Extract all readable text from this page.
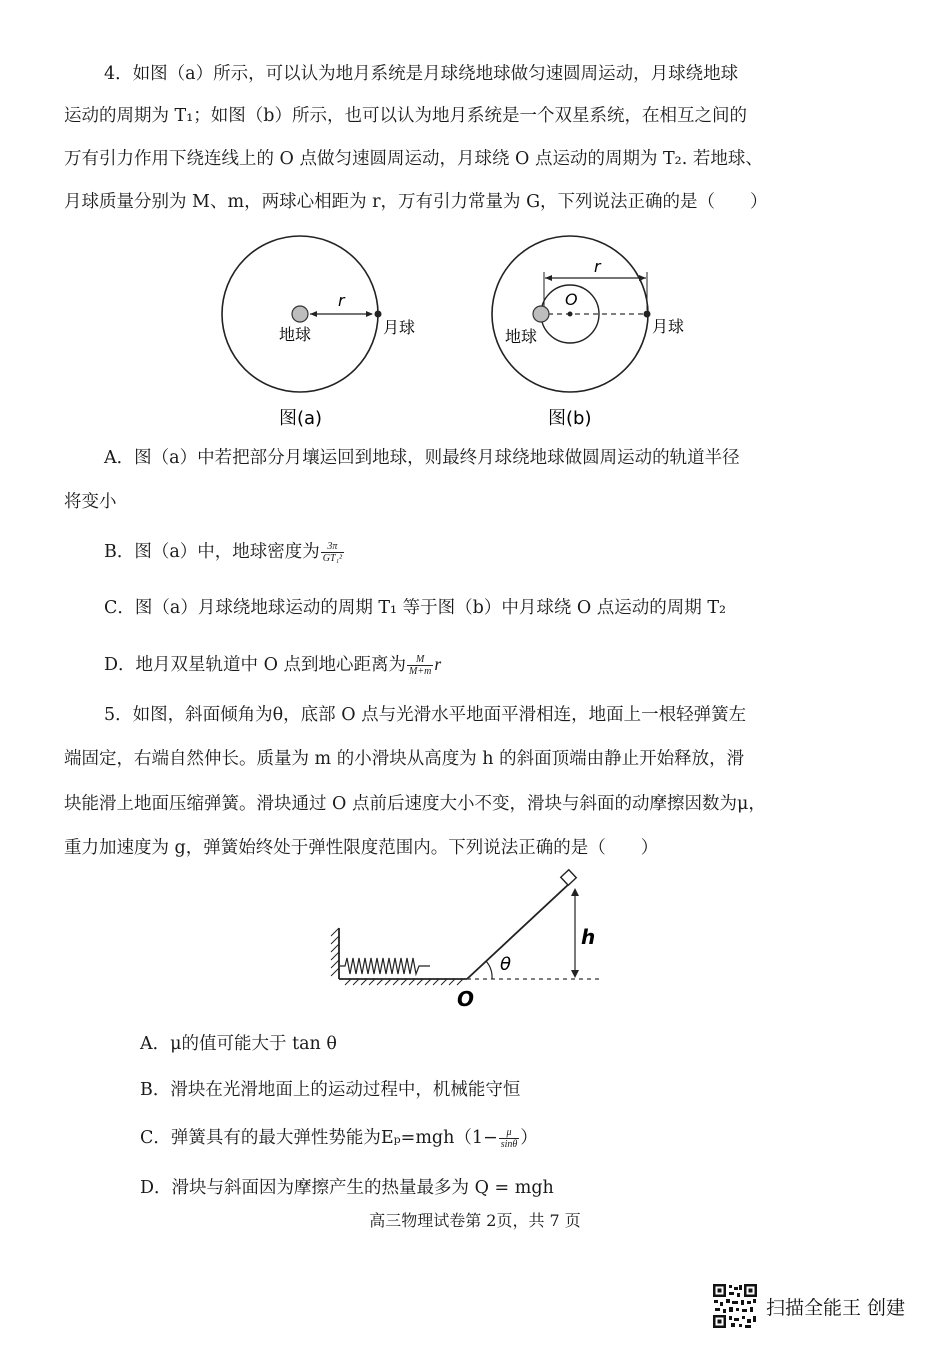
4．如图（a）所示，可以认为地月系统是月球绕地球做匀速圆周运动，月球绕地球
运动的周期为 T₁；如图（b）所示，也可以认为地月系统是一个双星系统，在相互之间的
万有引力作用下绕连线上的 O 点做匀速圆周运动，月球绕 O 点运动的周期为 T₂. 若地球、
月球质量分别为 M、m，两球心相距为 r，万有引力常量为 G，下列说法正确的是（　　）
r
地球	月球
图(a)
r
O
地球
月球
图(b)
A．图（a）中若把部分月壤运回到地球，则最终月球绕地球做圆周运动的轨道半径
将变小
B．图（a）中，地球密度为 $\frac{3\pi}{\text{GT₁²}}$
C．图（a）月球绕地球运动的周期 T₁ 等于图（b）中月球绕 O 点运动的周期 T₂
D．地月双星轨道中 O 点到地心距离为 $\frac{M}{M+m}$ r
5．如图，斜面倾角为θ，底部 O 点与光滑水平地面平滑相连，地面上一根轻弹簧左
端固定，右端自然伸长。质量为 m 的小滑块从高度为 h 的斜面顶端由静止开始释放，滑
块能滑上地面压缩弹簧。滑块通过 O 点前后速度大小不变，滑块与斜面的动摩擦因数为μ，
重力加速度为 g，弹簧始终处于弹性限度范围内。下列说法正确的是（　　）
θ
h
O
A．μ的值可能大于 tan θ
B．滑块在光滑地面上的运动过程中，机械能守恒
C．弹簧具有的最大弹性势能为$E_p=mgh(1- \frac{\mu}{\sin\theta}$ ）
D．滑块与斜面因为摩擦产生的热量最多为 Q = mgh
高三物理试卷第 2页，共 7 页
扫描全能王 创建
